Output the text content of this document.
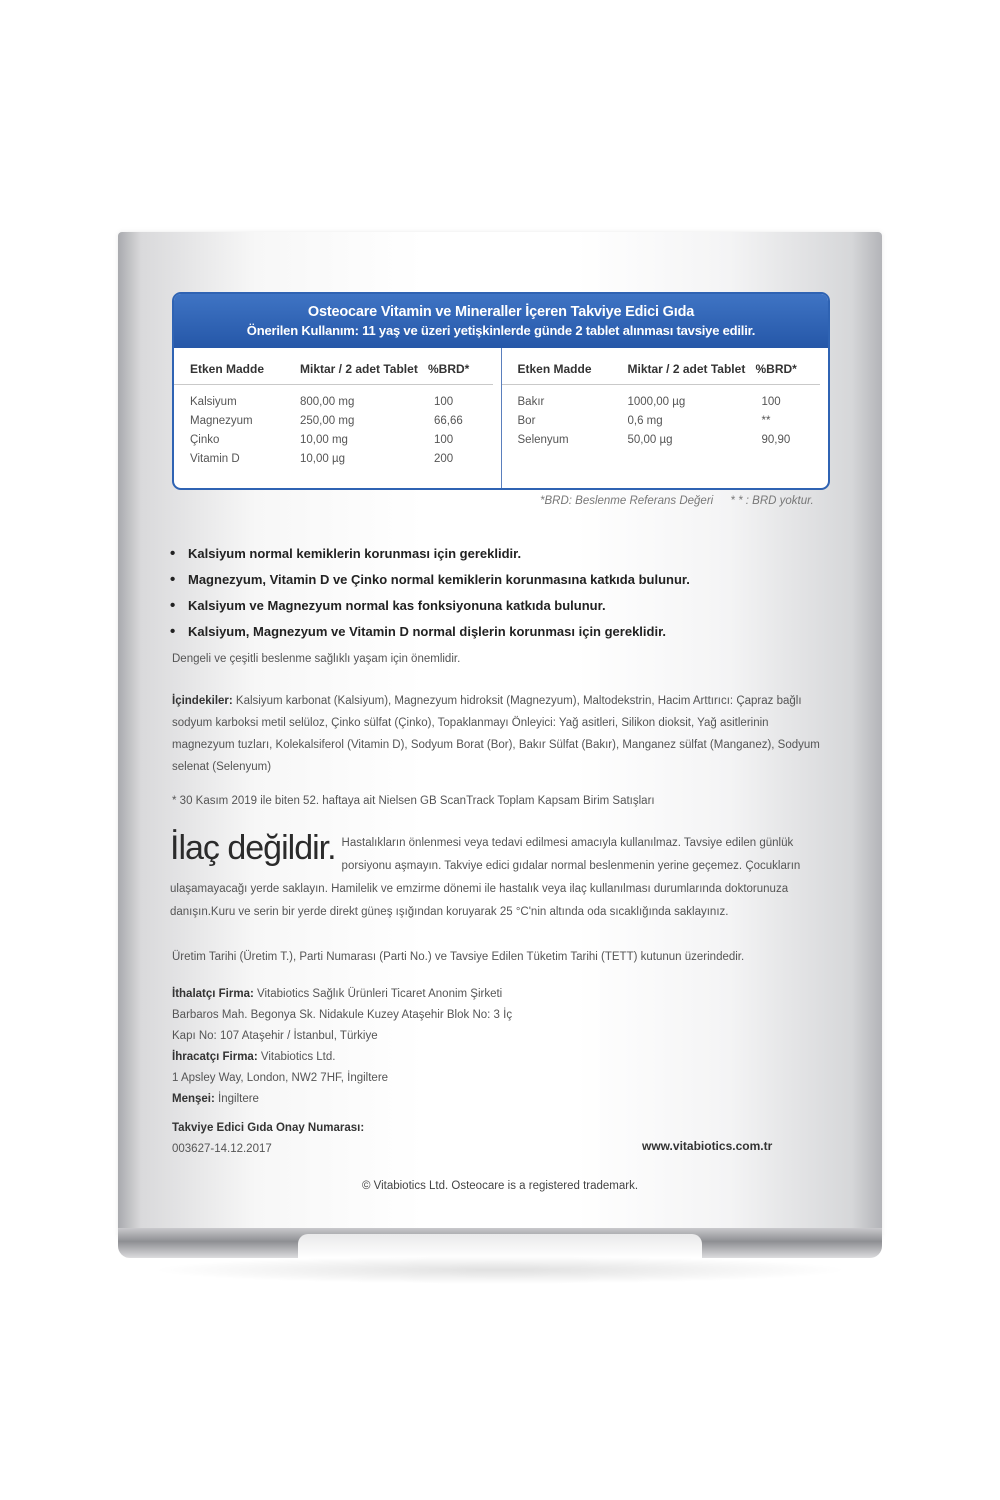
Osteocare Vitamin ve Mineraller İçeren Takviye Edici Gıda
Önerilen Kullanım: 11 yaş ve üzeri yetişkinlerde günde 2 tablet alınması tavsiye edilir.
Etken Madde	Miktar / 2 adet Tablet %BRD*
Kalsiyum	800,00 mg	100
Magnezyum	250,00 mg	66,66
Çinko	10,00 mg	100
Vitamin D	10,00 µg	200
Etken Madde	Miktar / 2 adet Tablet %BRD*
Bakır	1000,00 µg	100
Bor	0,6 mg	**
Selenyum	50,00 µg	90,90
*BRD: Beslenme Referans Değeri * * : BRD yoktur.
• Kalsiyum normal kemiklerin korunması için gereklidir.
• Magnezyum, Vitamin D ve Çinko normal kemiklerin korunmasına katkıda bulunur.
• Kalsiyum ve Magnezyum normal kas fonksiyonuna katkıda bulunur.
• Kalsiyum, Magnezyum ve Vitamin D normal dişlerin korunması için gereklidir.
Dengeli ve çeşitli beslenme sağlıklı yaşam için önemlidir.
İçindekiler: Kalsiyum karbonat (Kalsiyum), Magnezyum hidroksit (Magnezyum), Maltodekstrin, Hacim Arttırıcı: Çapraz bağlı sodyum karboksi metil selüloz, Çinko sülfat (Çinko), Topaklanmayı Önleyici: Yağ asitleri, Silikon dioksit, Yağ asitlerinin magnezyum tuzları, Kolekalsiferol (Vitamin D), Sodyum Borat (Bor), Bakır Sülfat (Bakır), Manganez sülfat (Manganez), Sodyum selenat (Selenyum)
* 30 Kasım 2019 ile biten 52. haftaya ait Nielsen GB ScanTrack Toplam Kapsam Birim Satışları
İlaç değildir. Hastalıkların önlenmesi veya tedavi edilmesi amacıyla kullanılmaz. Tavsiye edilen günlük porsiyonu aşmayın. Takviye edici gıdalar normal beslenmenin yerine geçemez. Çocukların ulaşamayacağı yerde saklayın. Hamilelik ve emzirme dönemi ile hastalık veya ilaç kullanılması durumlarında doktorunuza danışın.Kuru ve serin bir yerde direkt güneş ışığından koruyarak 25 °C'nin altında oda sıcaklığında saklayınız.
Üretim Tarihi (Üretim T.), Parti Numarası (Parti No.) ve Tavsiye Edilen Tüketim Tarihi (TETT) kutunun üzerindedir.
İthalatçı Firma: Vitabiotics Sağlık Ürünleri Ticaret Anonim Şirketi
Barbaros Mah. Begonya Sk. Nidakule Kuzey Ataşehir Blok No: 3 İç
Kapı No: 107 Ataşehir / İstanbul, Türkiye
İhracatçı Firma: Vitabiotics Ltd.
1 Apsley Way, London, NW2 7HF, İngiltere
Menşei: İngiltere
Takviye Edici Gıda Onay Numarası:
003627-14.12.2017	www.vitabiotics.com.tr
© Vitabiotics Ltd. Osteocare is a registered trademark.
